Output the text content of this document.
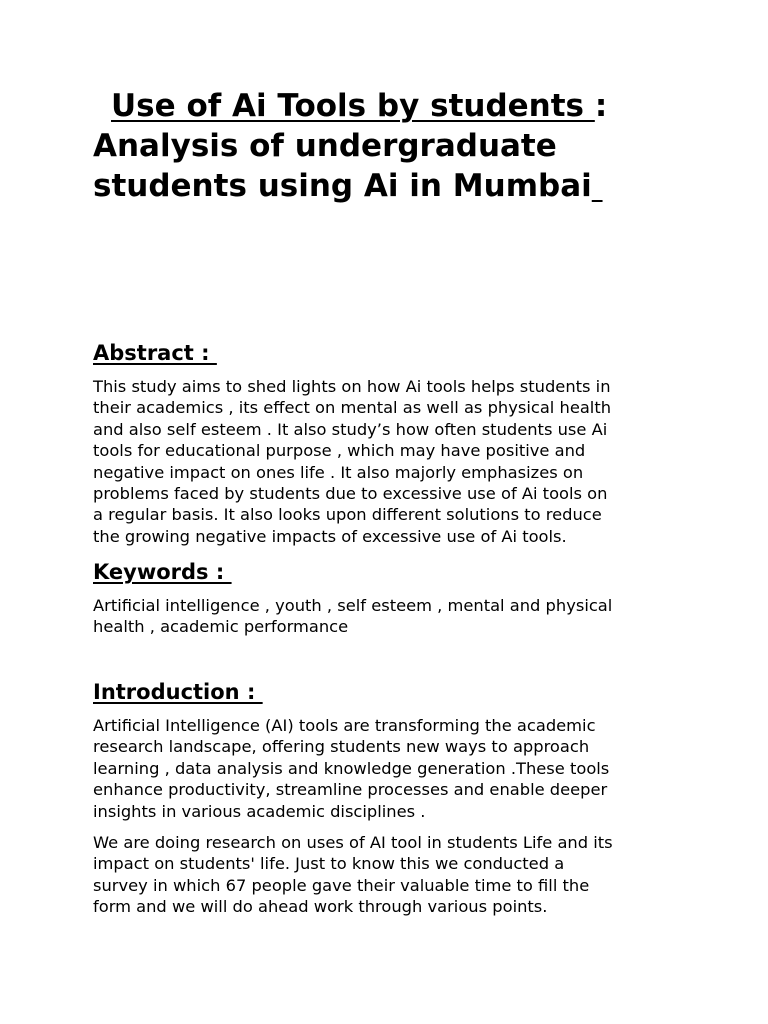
Use of Ai Tools by students :
Analysis of undergraduate
students using Ai in Mumbai
Abstract :

This study aims to shed lights on how Ai tools helps students in
their academics , its effect on mental as well as physical health
and also self esteem . It also study’s how often students use Ai
tools for educational purpose , which may have positive and
negative impact on ones life . It also majorly emphasizes on
problems faced by students due to excessive use of Ai tools on
a regular basis. It also looks upon different solutions to reduce
the growing negative impacts of excessive use of Ai tools.

Keywords :

Artificial intelligence , youth , self esteem , mental and physical
health , academic performance

Introduction :

Artificial Intelligence (AI) tools are transforming the academic
research landscape, offering students new ways to approach
learning , data analysis and knowledge generation .These tools
enhance productivity, streamline processes and enable deeper
insights in various academic disciplines .

We are doing research on uses of AI tool in students Life and its
impact on students' life. Just to know this we conducted a
survey in which 67 people gave their valuable time to fill the
form and we will do ahead work through various points.
